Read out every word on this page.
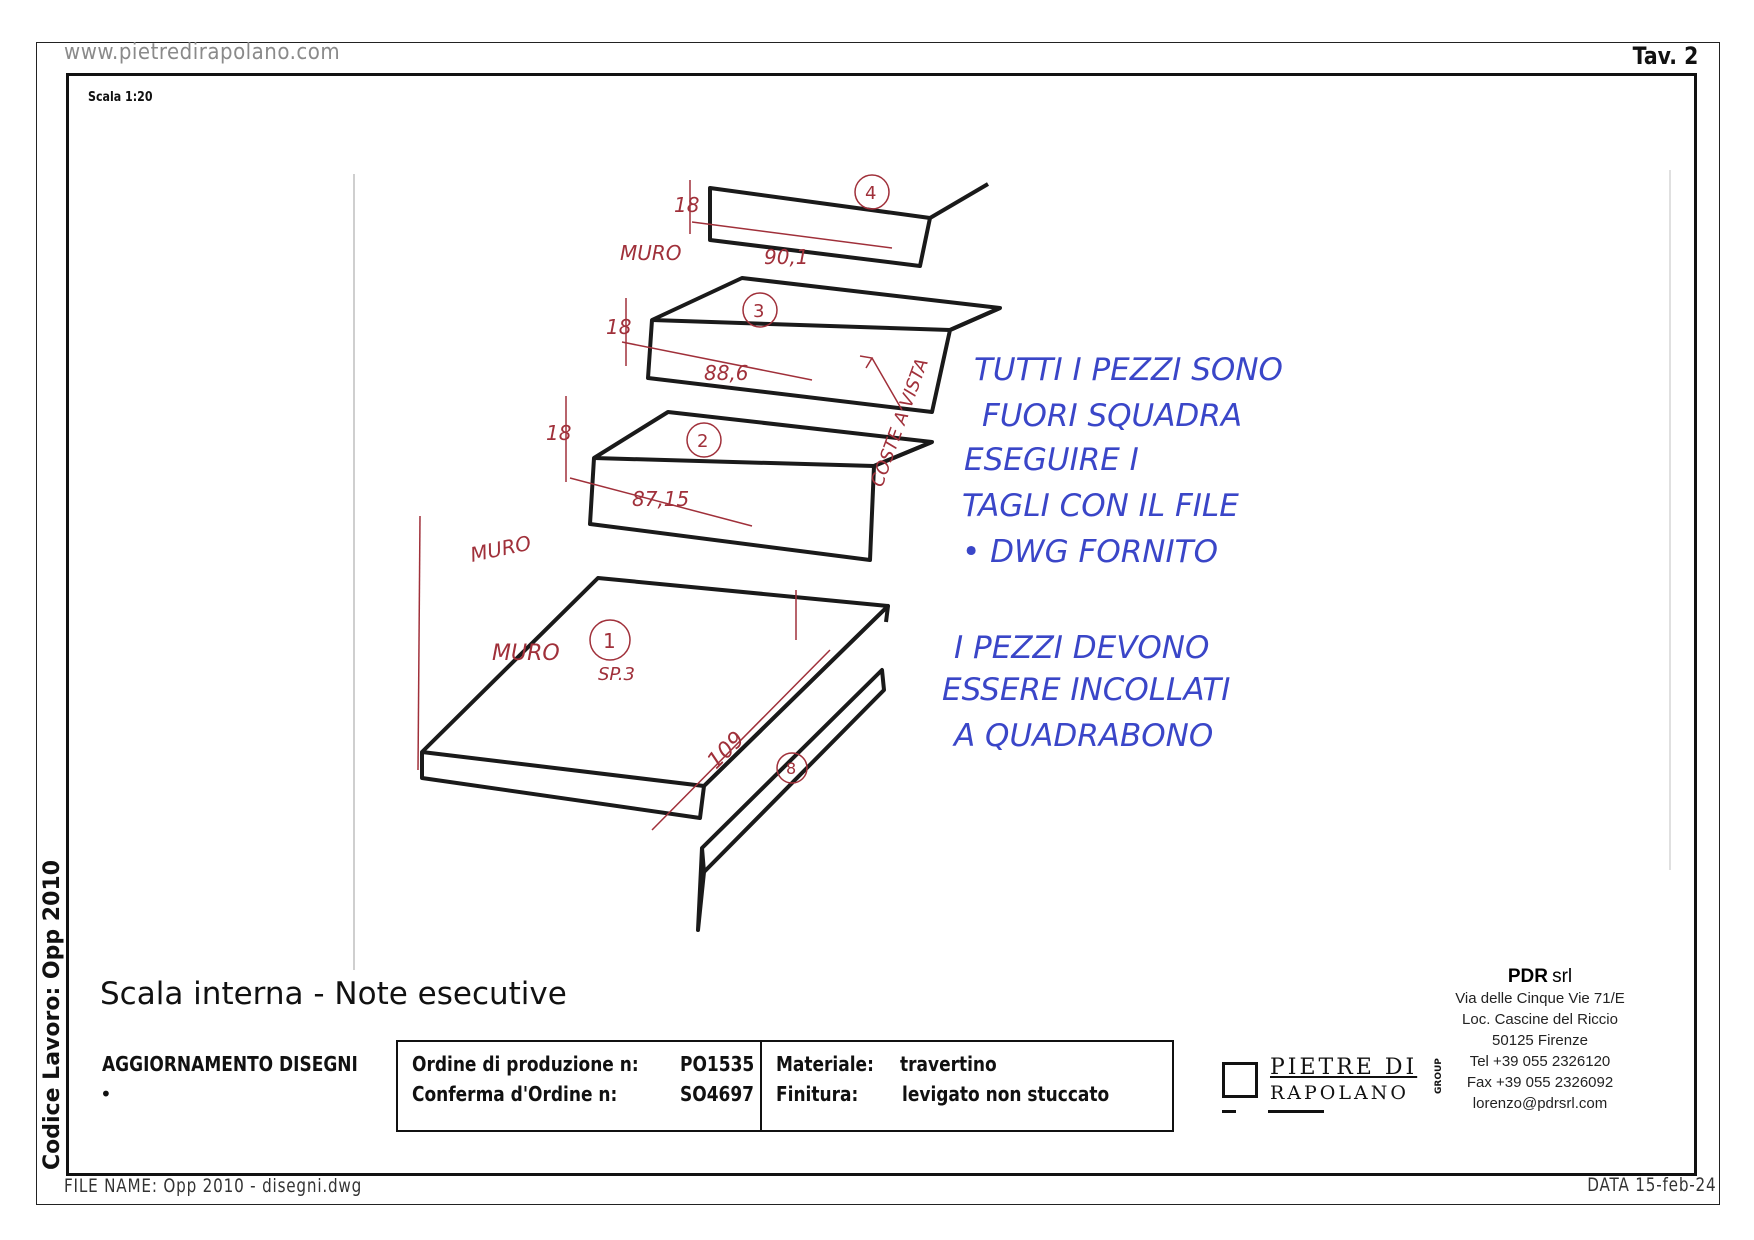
www.pietredirapolano.com	Tav. 2
Scala 1:20
Codice Lavoro: Opp 2010
18
18
18
90,1
88,6
87,15
109
SP.3
MURO
MURO
MURO
COSTE A VISTA
4
3
2
1
8
TUTTI I PEZZI SONO
FUORI SQUADRA
ESEGUIRE I
TAGLI CON IL FILE
• DWG FORNITO
I PEZZI DEVONO
ESSERE INCOLLATI
A QUADRABONO
Scala interna - Note esecutive
AGGIORNAMENTO DISEGNI
•
Ordine di produzione n: PO1535
Conferma d'Ordine n:	SO4697
Materiale: travertino
Finitura: levigato non stuccato
PIETRE DI
RAPOLANO	GROUP
PDR srl
Via delle Cinque Vie 71/E
Loc. Cascine del Riccio
50125 Firenze
Tel +39 055 2326120
Fax +39 055 2326092
lorenzo@pdrsrl.com
FILE NAME: Opp 2010 - disegni.dwg	DATA 15-feb-24
